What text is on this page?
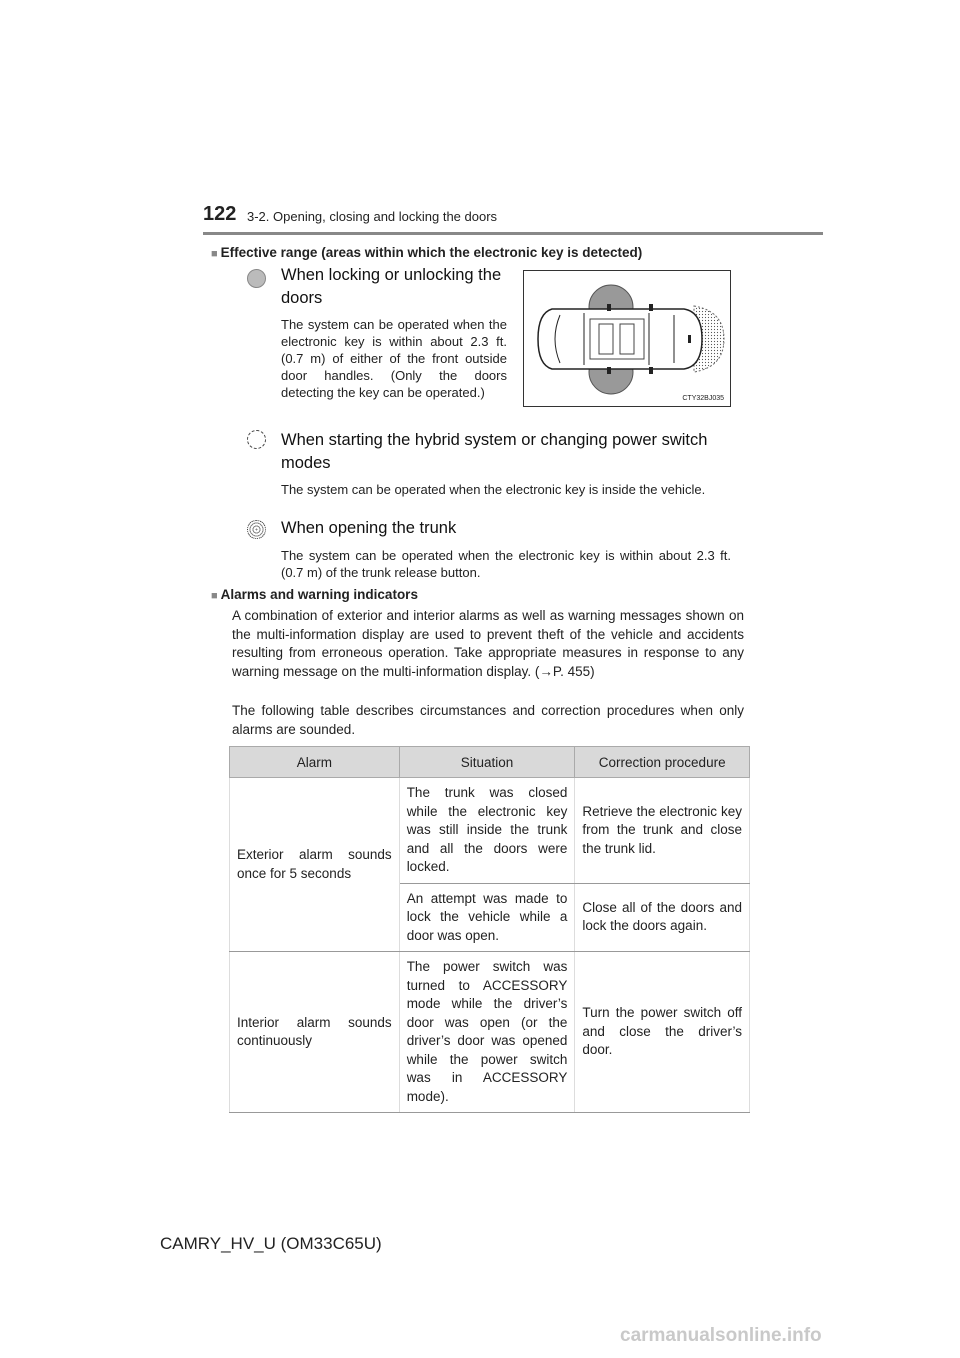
122 3-2. Opening, closing and locking the doors
■ Effective range (areas within which the electronic key is detected)
When locking or unlocking the doors
The system can be operated when the electronic key is within about 2.3 ft. (0.7 m) of either of the front outside door handles. (Only the doors detecting the key can be operated.)	CTY32BJ035
When starting the hybrid system or changing power switch modes
The system can be operated when the electronic key is inside the vehicle.
When opening the trunk
The system can be operated when the electronic key is within about 2.3 ft. (0.7 m) of the trunk release button.
■ Alarms and warning indicators
A combination of exterior and interior alarms as well as warning messages shown on the multi-information display are used to prevent theft of the vehicle and accidents resulting from erroneous operation. Take appropriate measures in response to any warning message on the multi-information display. (→P. 455)
The following table describes circumstances and correction procedures when only alarms are sounded.
Alarm	Situation	Correction procedure
Exterior alarm sounds once for 5 seconds	The trunk was closed while the electronic key was still inside the trunk and all the doors were locked.	Retrieve the electronic key from the trunk and close the trunk lid.
	An attempt was made to lock the vehicle while a door was open.	Close all of the doors and lock the doors again.
Interior alarm sounds continuously	The power switch was turned to ACCESSORY mode while the driver’s door was open (or the driver’s door was opened while the power switch was in ACCESSORY mode).	Turn the power switch off and close the driver’s door.
CAMRY_HV_U (OM33C65U)
carmanualsonline.info
